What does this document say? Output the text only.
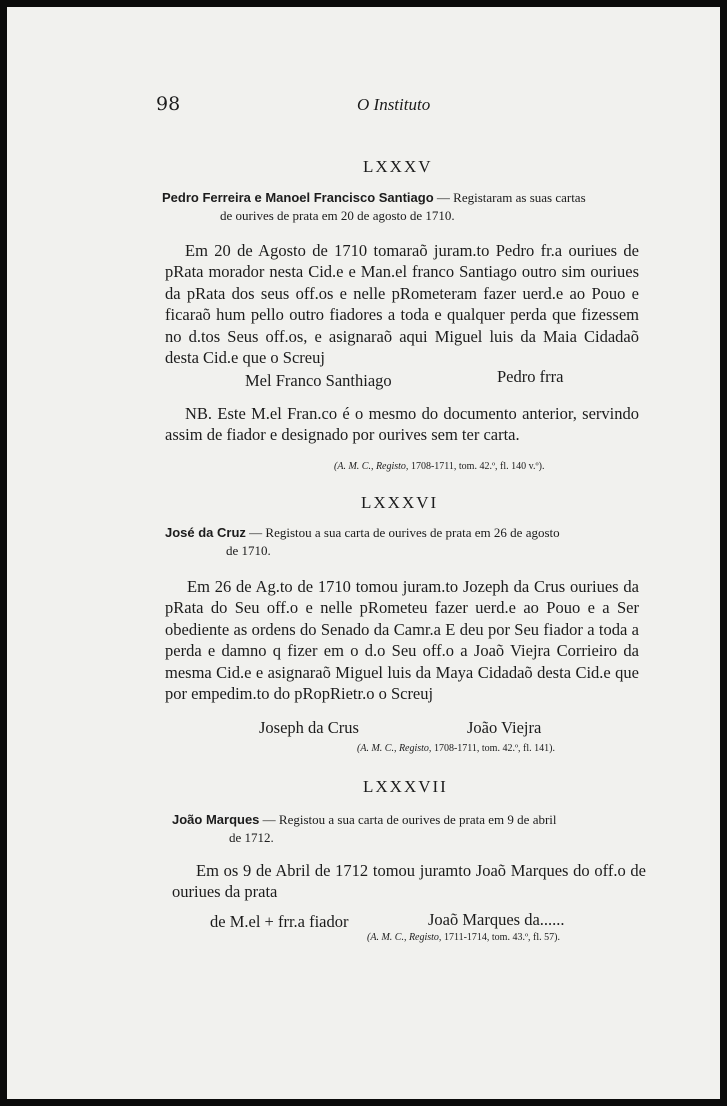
98	O Instituto
LXXXV
Pedro Ferreira e Manoel Francisco Santiago — Registaram as suas cartas
de ourives de prata em 20 de agosto de 1710.
Em 20 de Agosto de 1710 tomaraõ juram.to Pedro fr.a ouriues de pRata morador nesta Cid.e e Man.el franco Santiago outro sim ouriues da pRata dos seus off.os e nelle pRometeram fazer uerd.e ao Pouo e ficaraõ hum pello outro fiadores a toda e qualquer perda que fizessem no d.tos Seus off.os, e asignaraõ aqui Miguel luis da Maia Cidadaõ desta Cid.e que o Screuj
Mel Franco Santhiago	Pedro frra
NB. Este M.el Fran.co é o mesmo do documento anterior, servindo assim de fiador e designado por ourives sem ter carta.
(A. M. C., Registo, 1708-1711, tom. 42.º, fl. 140 v.º).
LXXXVI
José da Cruz — Registou a sua carta de ourives de prata em 26 de agosto
de 1710.
Em 26 de Ag.to de 1710 tomou juram.to Jozeph da Crus ouriues da pRata do Seu off.o e nelle pRometeu fazer uerd.e ao Pouo e a Ser obediente as ordens do Senado da Camr.a E deu por Seu fiador a toda a perda e damno q fizer em o d.o Seu off.o a Joaõ Viejra Corrieiro da mesma Cid.e e asignaraõ Miguel luis da Maya Cidadaõ desta Cid.e que por empedim.to do pRopRietr.o o Screuj
Joseph da Crus	João Viejra
(A. M. C., Registo, 1708-1711, tom. 42.º, fl. 141).
LXXXVII
João Marques — Registou a sua carta de ourives de prata em 9 de abril
de 1712.
Em os 9 de Abril de 1712 tomou juramto Joaõ Marques do off.o de ouriues da prata
de M.el + frr.a fiador	Joaõ Marques da......
(A. M. C., Registo, 1711-1714, tom. 43.º, fl. 57).
